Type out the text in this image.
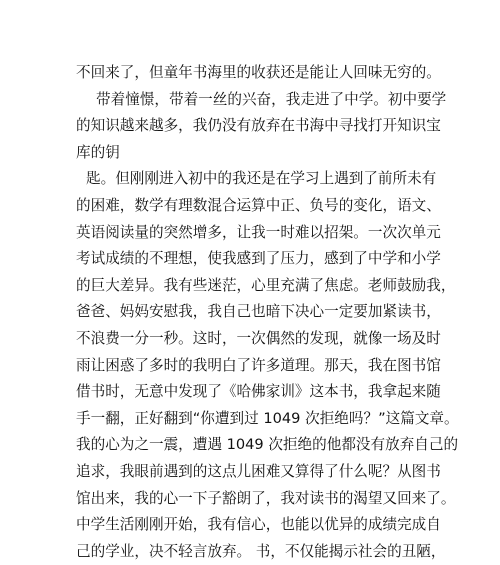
不回来了，但童年书海里的收获还是能让人回味无穷的。
带着憧憬，带着一丝的兴奋，我走进了中学。初中要学
的知识越来越多，我仍没有放弃在书海中寻找打开知识宝
库的钥
匙。但刚刚进入初中的我还是在学习上遇到了前所未有
的困难，数学有理数混合运算中正、负号的变化，语文、
英语阅读量的突然增多，让我一时难以招架。一次次单元
考试成绩的不理想，使我感到了压力，感到了中学和小学
的巨大差异。我有些迷茫，心里充满了焦虑。老师鼓励我，
爸爸、妈妈安慰我，我自己也暗下决心一定要加紧读书，
不浪费一分一秒。这时，一次偶然的发现，就像一场及时
雨让困惑了多时的我明白了许多道理。那天，我在图书馆
借书时，无意中发现了《哈佛家训》这本书，我拿起来随
手一翻，正好翻到“你遭到过 1049 次拒绝吗？”这篇文章。
我的心为之一震，遭遇 1049 次拒绝的他都没有放弃自己的
追求，我眼前遇到的这点儿困难又算得了什么呢？从图书
馆出来，我的心一下子豁朗了，我对读书的渴望又回来了。
中学生活刚刚开始，我有信心，也能以优异的成绩完成自
己的学业，决不轻言放弃。 书，不仅能揭示社会的丑陋，
